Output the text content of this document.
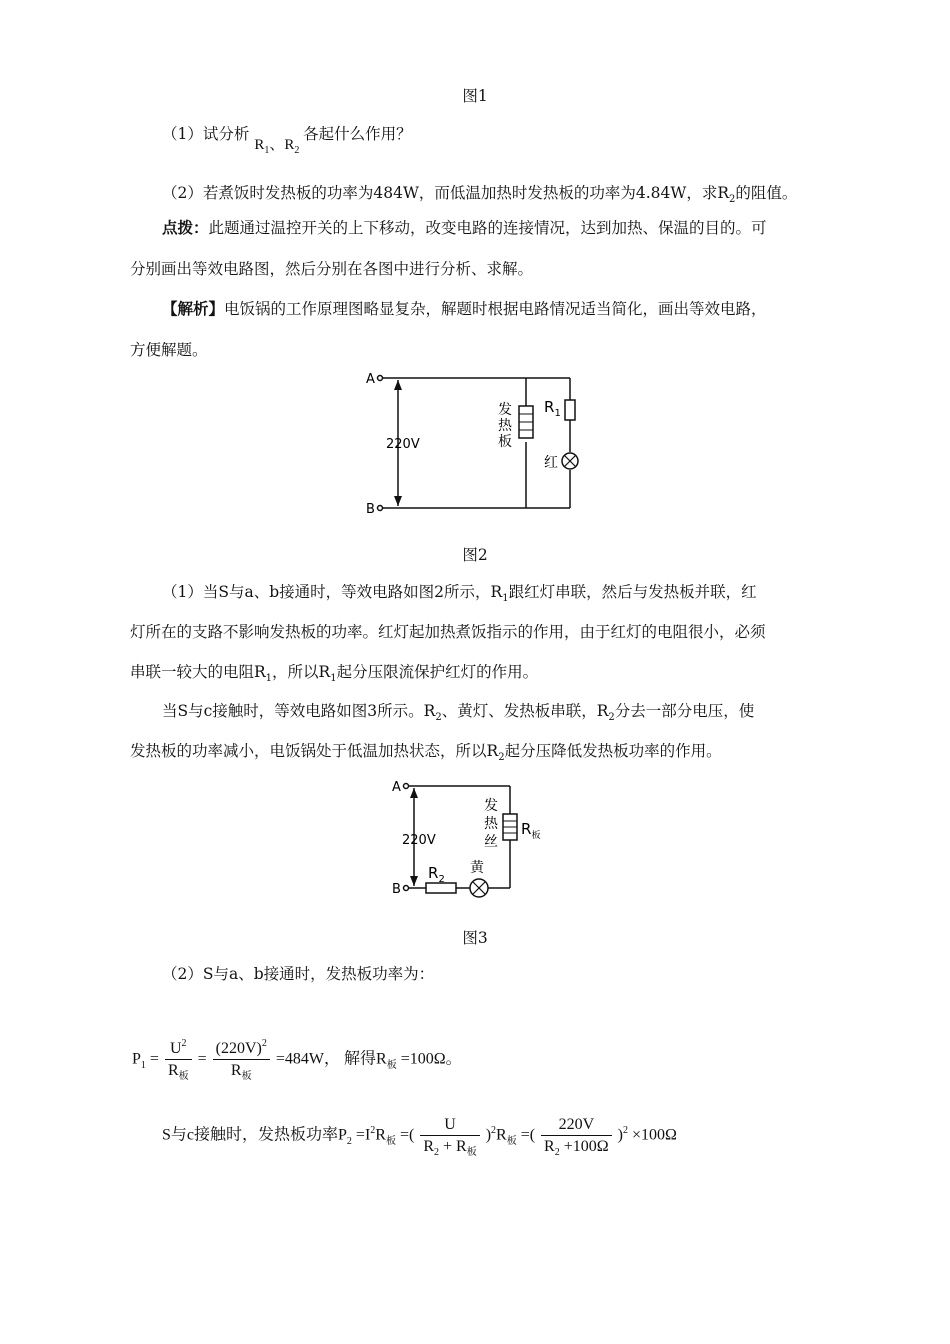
图1
（1）试分析 $R_1$、$R_2$ 各起什么作用？
（2）若煮饭时发热板的功率为484W，而低温加热时发热板的功率为4.84W，求$R_2$的阻值。
点拨：此题通过温控开关的上下移动，改变电路的连接情况，达到加热、保温的目的。可
分别画出等效电路图，然后分别在各图中进行分析、求解。
【解析】电饭锅的工作原理图略显复杂，解题时根据电路情况适当简化，画出等效电路，
方便解题。
A
B
220V
发
热
板
$R_1$
红
图2
（1）当S与a、b接通时，等效电路如图2所示，$R_1$跟红灯串联，然后与发热板并联，红
灯所在的支路不影响发热板的功率。红灯起加热煮饭指示的作用，由于红灯的电阻很小，必须
串联一较大的电阻$R_1$，所以$R_1$起分压限流保护红灯的作用。
当S与c接触时，等效电路如图3所示。$R_2$、黄灯、发热板串联，$R_2$分去一部分电压，使
发热板的功率减小，电饭锅处于低温加热状态，所以$R_2$起分压降低发热板功率的作用。
A
B
220V
发
热
丝
$R_板$
$R_2$
黄
图3
（2）S与a、b接通时，发热板功率为：
$P_1 = \frac{U^2}{R_板} = \frac{(220V)^2}{R_板} =484W$， 解得$R_板 =100\Omega$。
S与c接触时，发热板功率$P_2 =I^2R_板$ =( $\frac{U}{R_2 + R_板} )^2R_板$ =( $\frac{220V}{R_2 +100\Omega} )^2 \times 100\Omega$
